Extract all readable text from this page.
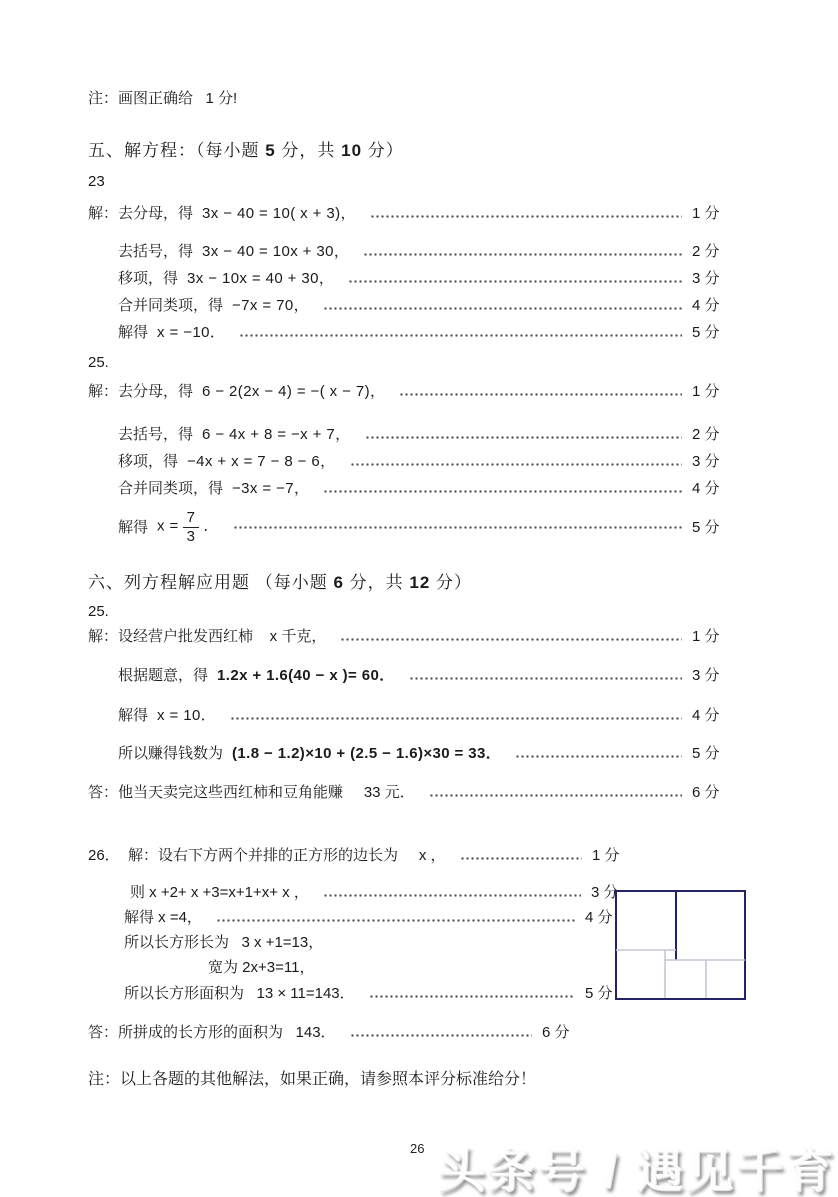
注：画图正确给   1 分!
五、解方程：（每小题 5 分，共 10 分）
23
解：去分母，得 3x − 40 = 10( x + 3)，	1 分
去括号，得 3x − 40 = 10x + 30，	2 分
移项，得 3x − 10x = 40 + 30，	3 分
合并同类项，得 −7x = 70，	4 分
解得 x = −10．	5 分
25.
解：去分母，得 6 − 2(2x − 4) = −( x − 7)，	1 分
去括号，得 6 − 4x + 8 = −x + 7，	2 分
移项，得 −4x + x = 7 − 8 − 6，	3 分
合并同类项，得 −3x = −7，	4 分
解得 $x = \frac{7}{3}$ ．	5 分
六、列方程解应用题 （每小题 6 分，共 12 分）
25.
解：设经营户批发西红柿    x 千克，	1 分
根据题意，得 1.2x + 1.6(40 − x )= 60．	3 分
解得 x = 10．	4 分
所以赚得钱数为 (1.8 − 1.2)×10 + (2.5 − 1.6)×30 = 33．	5 分
答：他当天卖完这些西红柿和豆角能赚     33 元．	6 分
26．  解：设右下方两个并排的正方形的边长为     x ，	1 分
则 x +2+ x +3=x+1+x+ x ，	3 分
解得 x =4，	4 分
所以长方形长为   3 x +1=13，
宽为 2x+3=11，
所以长方形面积为   13 × 11=143．	5 分
答：所拼成的长方形的面积为   143．	6 分
注：以上各题的其他解法，如果正确，请参照本评分标准给分！
26 头条号 / 遇见千育
